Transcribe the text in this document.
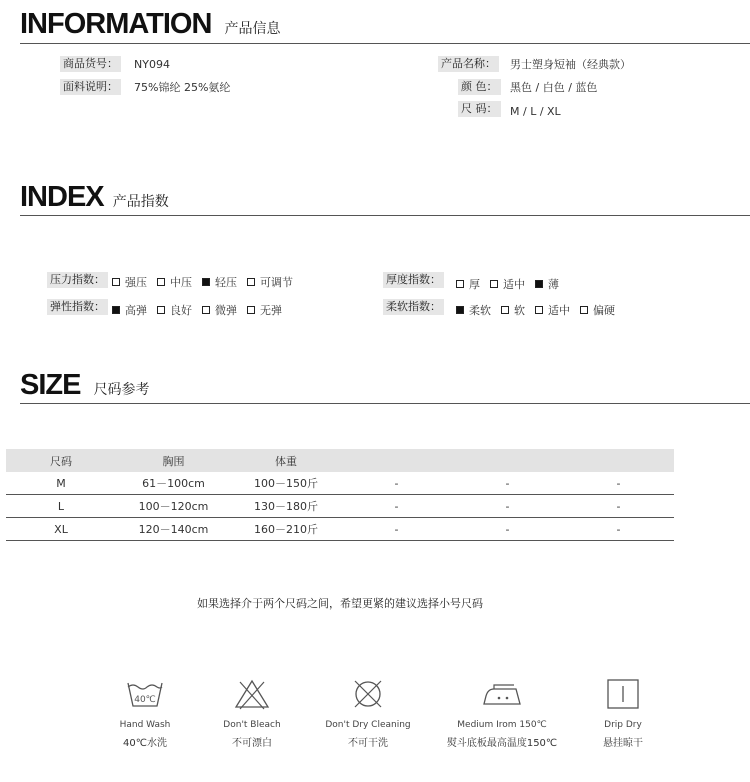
INFORMATION 产品信息
商品货号： NY094
面料说明： 75%锦纶 25%氨纶
产品名称： 男士塑身短袖（经典款）
颜 色： 黑色 / 白色 / 蓝色
尺 码： M / L / XL
INDEX 产品指数
压力指数： 强压 中压 轻压 可调节
弹性指数： 高弹 良好 微弹 无弹
厚度指数：	厚 适中 薄
柔软指数：	柔软 软 适中 偏硬
SIZE 尺码参考
尺码	胸围	体重			
M	61－100cm	100－150斤	-	-	-
L	100－120cm	130－180斤	-	-	-
XL	120－140cm	160－210斤	-	-	-
如果选择介于两个尺码之间，希望更紧的建议选择小号尺码
40℃
Hand Wash
40℃水洗
Don't Bleach
不可漂白
Don't Dry Cleaning
不可干洗
Medium Irom 150℃
熨斗底板最高温度150℃
Drip Dry
悬挂晾干
